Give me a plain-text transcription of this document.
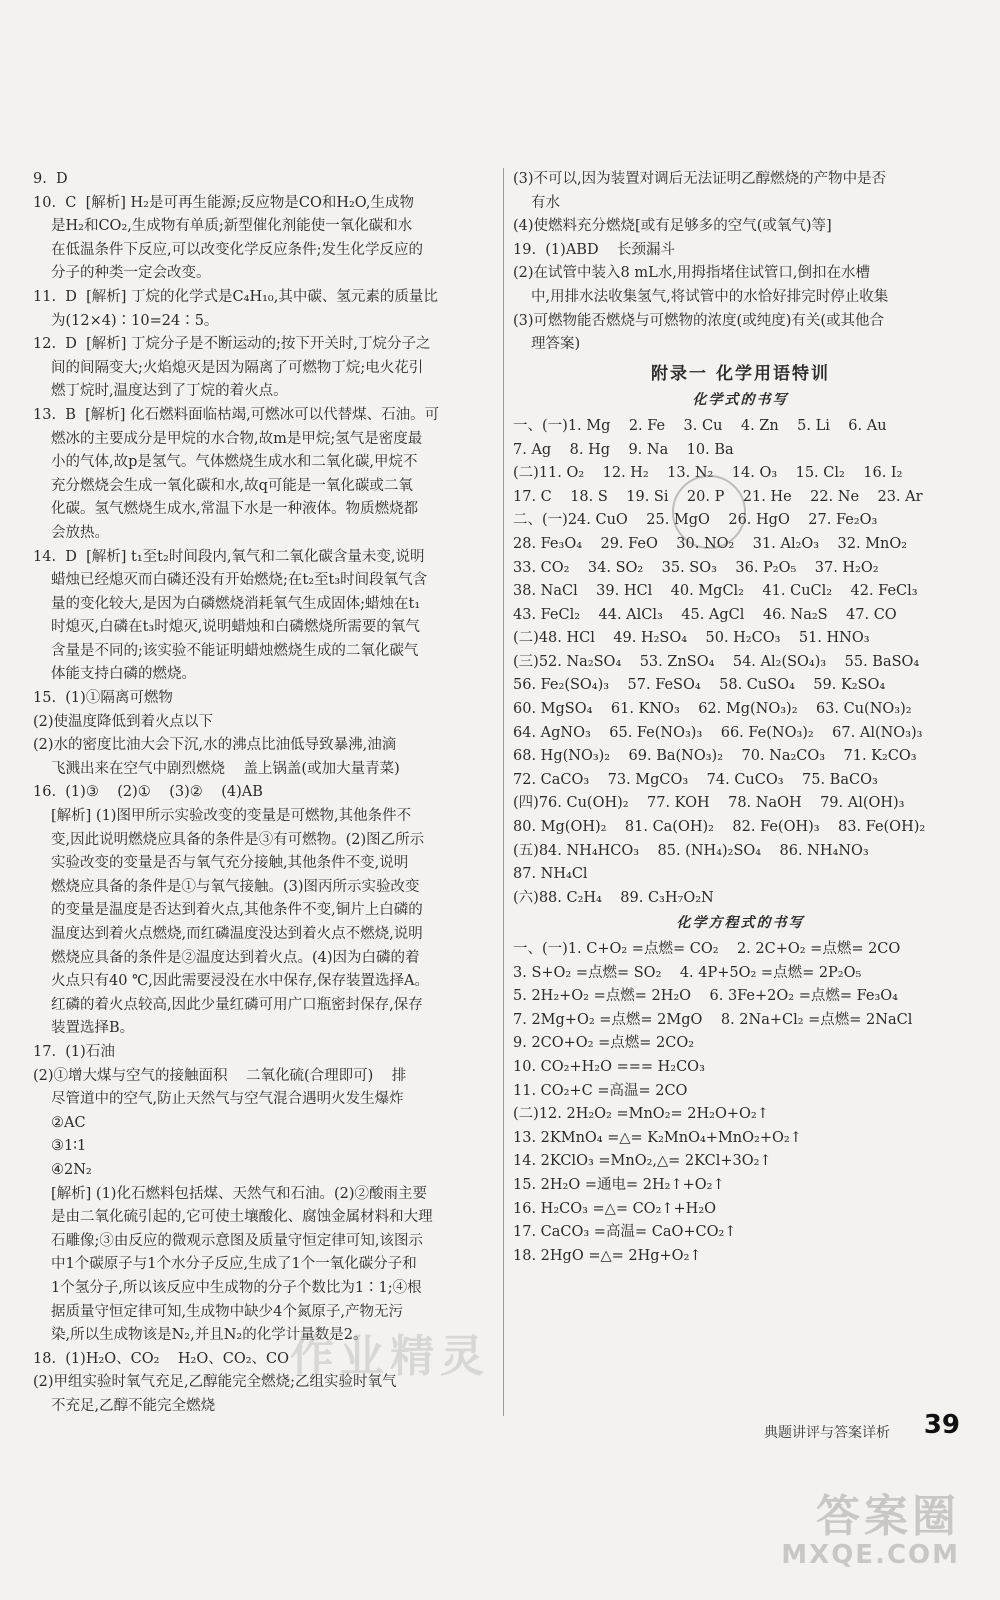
9.  D
10.  C  [解析] H₂是可再生能源;反应物是CO和H₂O,生成物
是H₂和CO₂,生成物有单质;新型催化剂能使一氧化碳和水
在低温条件下反应,可以改变化学反应条件;发生化学反应的
分子的种类一定会改变。
11.  D  [解析] 丁烷的化学式是C₄H₁₀,其中碳、氢元素的质量比
为(12×4)∶10=24∶5。
12.  D  [解析] 丁烷分子是不断运动的;按下开关时,丁烷分子之
间的间隔变大;火焰熄灭是因为隔离了可燃物丁烷;电火花引
燃丁烷时,温度达到了丁烷的着火点。
13.  B  [解析] 化石燃料面临枯竭,可燃冰可以代替煤、石油。可
燃冰的主要成分是甲烷的水合物,故m是甲烷;氢气是密度最
小的气体,故p是氢气。气体燃烧生成水和二氧化碳,甲烷不
充分燃烧会生成一氧化碳和水,故q可能是一氧化碳或二氧
化碳。氢气燃烧生成水,常温下水是一种液体。物质燃烧都
会放热。
14.  D  [解析] t₁至t₂时间段内,氧气和二氧化碳含量未变,说明
蜡烛已经熄灭而白磷还没有开始燃烧;在t₂至t₃时间段氧气含
量的变化较大,是因为白磷燃烧消耗氧气生成固体;蜡烛在t₁
时熄灭,白磷在t₃时熄灭,说明蜡烛和白磷燃烧所需要的氧气
含量是不同的;该实验不能证明蜡烛燃烧生成的二氧化碳气
体能支持白磷的燃烧。
15.  (1)①隔离可燃物
(2)使温度降低到着火点以下
(2)水的密度比油大会下沉,水的沸点比油低导致暴沸,油滴
飞溅出来在空气中剧烈燃烧    盖上锅盖(或加大量青菜)
16.  (1)③    (2)①    (3)②    (4)AB
[解析] (1)图甲所示实验改变的变量是可燃物,其他条件不
变,因此说明燃烧应具备的条件是③有可燃物。(2)图乙所示
实验改变的变量是否与氧气充分接触,其他条件不变,说明
燃烧应具备的条件是①与氧气接触。(3)图丙所示实验改变
的变量是温度是否达到着火点,其他条件不变,铜片上白磷的
温度达到着火点燃烧,而红磷温度没达到着火点不燃烧,说明
燃烧应具备的条件是②温度达到着火点。(4)因为白磷的着
火点只有40 ℃,因此需要浸没在水中保存,保存装置选择A。
红磷的着火点较高,因此少量红磷可用广口瓶密封保存,保存
装置选择B。
17.  (1)石油
(2)①增大煤与空气的接触面积    二氧化硫(合理即可)    排
尽管道中的空气,防止天然气与空气混合遇明火发生爆炸
②AC
③1∶1
④2N₂
[解析] (1)化石燃料包括煤、天然气和石油。(2)②酸雨主要
是由二氧化硫引起的,它可使土壤酸化、腐蚀金属材料和大理
石雕像;③由反应的微观示意图及质量守恒定律可知,该图示
中1个碳原子与1个水分子反应,生成了1个一氧化碳分子和
1个氢分子,所以该反应中生成物的分子个数比为1∶1;④根
据质量守恒定律可知,生成物中缺少4个氮原子,产物无污
染,所以生成物该是N₂,并且N₂的化学计量数是2。
18.  (1)H₂O、CO₂    H₂O、CO₂、CO
(2)甲组实验时氧气充足,乙醇能完全燃烧;乙组实验时氧气
不充足,乙醇不能完全燃烧
(3)不可以,因为装置对调后无法证明乙醇燃烧的产物中是否
有水
(4)使燃料充分燃烧[或有足够多的空气(或氧气)等]
19.  (1)ABD    长颈漏斗
(2)在试管中装入8 mL水,用拇指堵住试管口,倒扣在水槽
中,用排水法收集氢气,将试管中的水恰好排完时停止收集
(3)可燃物能否燃烧与可燃物的浓度(或纯度)有关(或其他合
理答案)
附录一 化学用语特训
化学式的书写
一、(一)1. Mg    2. Fe    3. Cu    4. Zn    5. Li    6. Au
7. Ag    8. Hg    9. Na    10. Ba
(二)11. O₂    12. H₂    13. N₂    14. O₃    15. Cl₂    16. I₂
17. C    18. S    19. Si    20. P    21. He    22. Ne    23. Ar
二、(一)24. CuO    25. MgO    26. HgO    27. Fe₂O₃
28. Fe₃O₄    29. FeO    30. NO₂    31. Al₂O₃    32. MnO₂
33. CO₂    34. SO₂    35. SO₃    36. P₂O₅    37. H₂O₂
38. NaCl    39. HCl    40. MgCl₂    41. CuCl₂    42. FeCl₃
43. FeCl₂    44. AlCl₃    45. AgCl    46. Na₂S    47. CO
(二)48. HCl    49. H₂SO₄    50. H₂CO₃    51. HNO₃
(三)52. Na₂SO₄    53. ZnSO₄    54. Al₂(SO₄)₃    55. BaSO₄
56. Fe₂(SO₄)₃    57. FeSO₄    58. CuSO₄    59. K₂SO₄
60. MgSO₄    61. KNO₃    62. Mg(NO₃)₂    63. Cu(NO₃)₂
64. AgNO₃    65. Fe(NO₃)₃    66. Fe(NO₃)₂    67. Al(NO₃)₃
68. Hg(NO₃)₂    69. Ba(NO₃)₂    70. Na₂CO₃    71. K₂CO₃
72. CaCO₃    73. MgCO₃    74. CuCO₃    75. BaCO₃
(四)76. Cu(OH)₂    77. KOH    78. NaOH    79. Al(OH)₃
80. Mg(OH)₂    81. Ca(OH)₂    82. Fe(OH)₃    83. Fe(OH)₂
(五)84. NH₄HCO₃    85. (NH₄)₂SO₄    86. NH₄NO₃
87. NH₄Cl
(六)88. C₂H₄    89. C₃H₇O₂N
化学方程式的书写
一、(一)1. C+O₂ =点燃= CO₂    2. 2C+O₂ =点燃= 2CO
3. S+O₂ =点燃= SO₂    4. 4P+5O₂ =点燃= 2P₂O₅
5. 2H₂+O₂ =点燃= 2H₂O    6. 3Fe+2O₂ =点燃= Fe₃O₄
7. 2Mg+O₂ =点燃= 2MgO    8. 2Na+Cl₂ =点燃= 2NaCl
9. 2CO+O₂ =点燃= 2CO₂
10. CO₂+H₂O === H₂CO₃
11. CO₂+C =高温= 2CO
(二)12. 2H₂O₂ =MnO₂= 2H₂O+O₂↑
13. 2KMnO₄ =△= K₂MnO₄+MnO₂+O₂↑
14. 2KClO₃ =MnO₂,△= 2KCl+3O₂↑
15. 2H₂O =通电= 2H₂↑+O₂↑
16. H₂CO₃ =△= CO₂↑+H₂O
17. CaCO₃ =高温= CaO+CO₂↑
18. 2HgO =△= 2Hg+O₂↑
典题讲评与答案详析 39
作业精灵
答案圈
MXQE.COM
